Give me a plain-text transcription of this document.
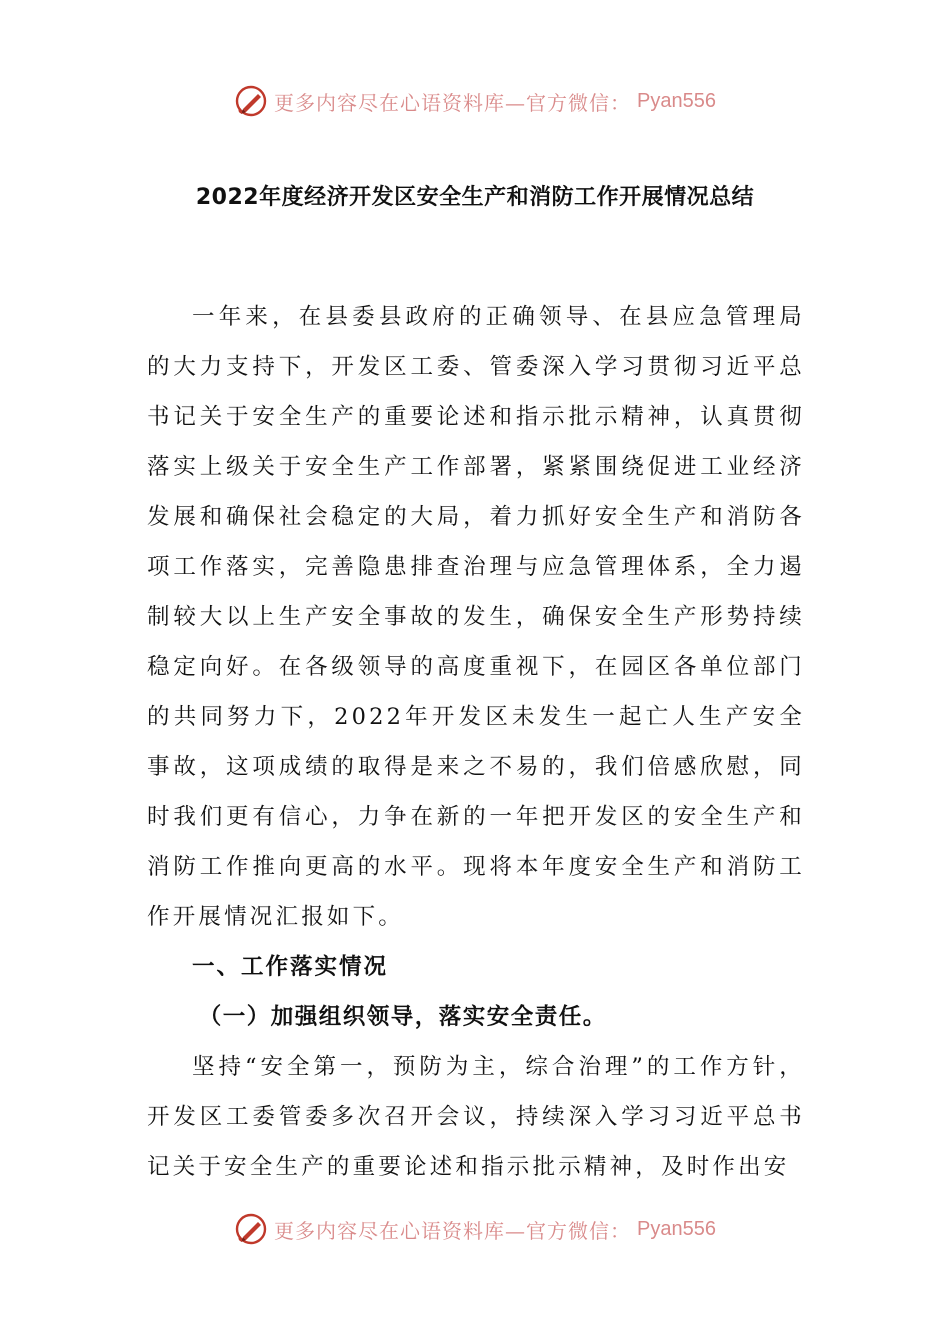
更多内容尽在心语资料库—官方微信： Pyan556
2022年度经济开发区安全生产和消防工作开展情况总结

一年来，在县委县政府的正确领导、在县应急管理局的大力支持下，开发区工委、管委深入学习贯彻习近平总书记关于安全生产的重要论述和指示批示精神，认真贯彻落实上级关于安全生产工作部署，紧紧围绕促进工业经济发展和确保社会稳定的大局，着力抓好安全生产和消防各项工作落实，完善隐患排查治理与应急管理体系，全力遏制较大以上生产安全事故的发生，确保安全生产形势持续稳定向好。在各级领导的高度重视下，在园区各单位部门的共同努力下，2022年开发区未发生一起亡人生产安全事故，这项成绩的取得是来之不易的，我们倍感欣慰，同时我们更有信心，力争在新的一年把开发区的安全生产和消防工作推向更高的水平。现将本年度安全生产和消防工作开展情况汇报如下。

一、工作落实情况
（一）加强组织领导，落实安全责任。

坚持“安全第一，预防为主，综合治理”的工作方针，开发区工委管委多次召开会议，持续深入学习习近平总书记关于安全生产的重要论述和指示批示精神，及时作出安

更多内容尽在心语资料库—官方微信： Pyan556
